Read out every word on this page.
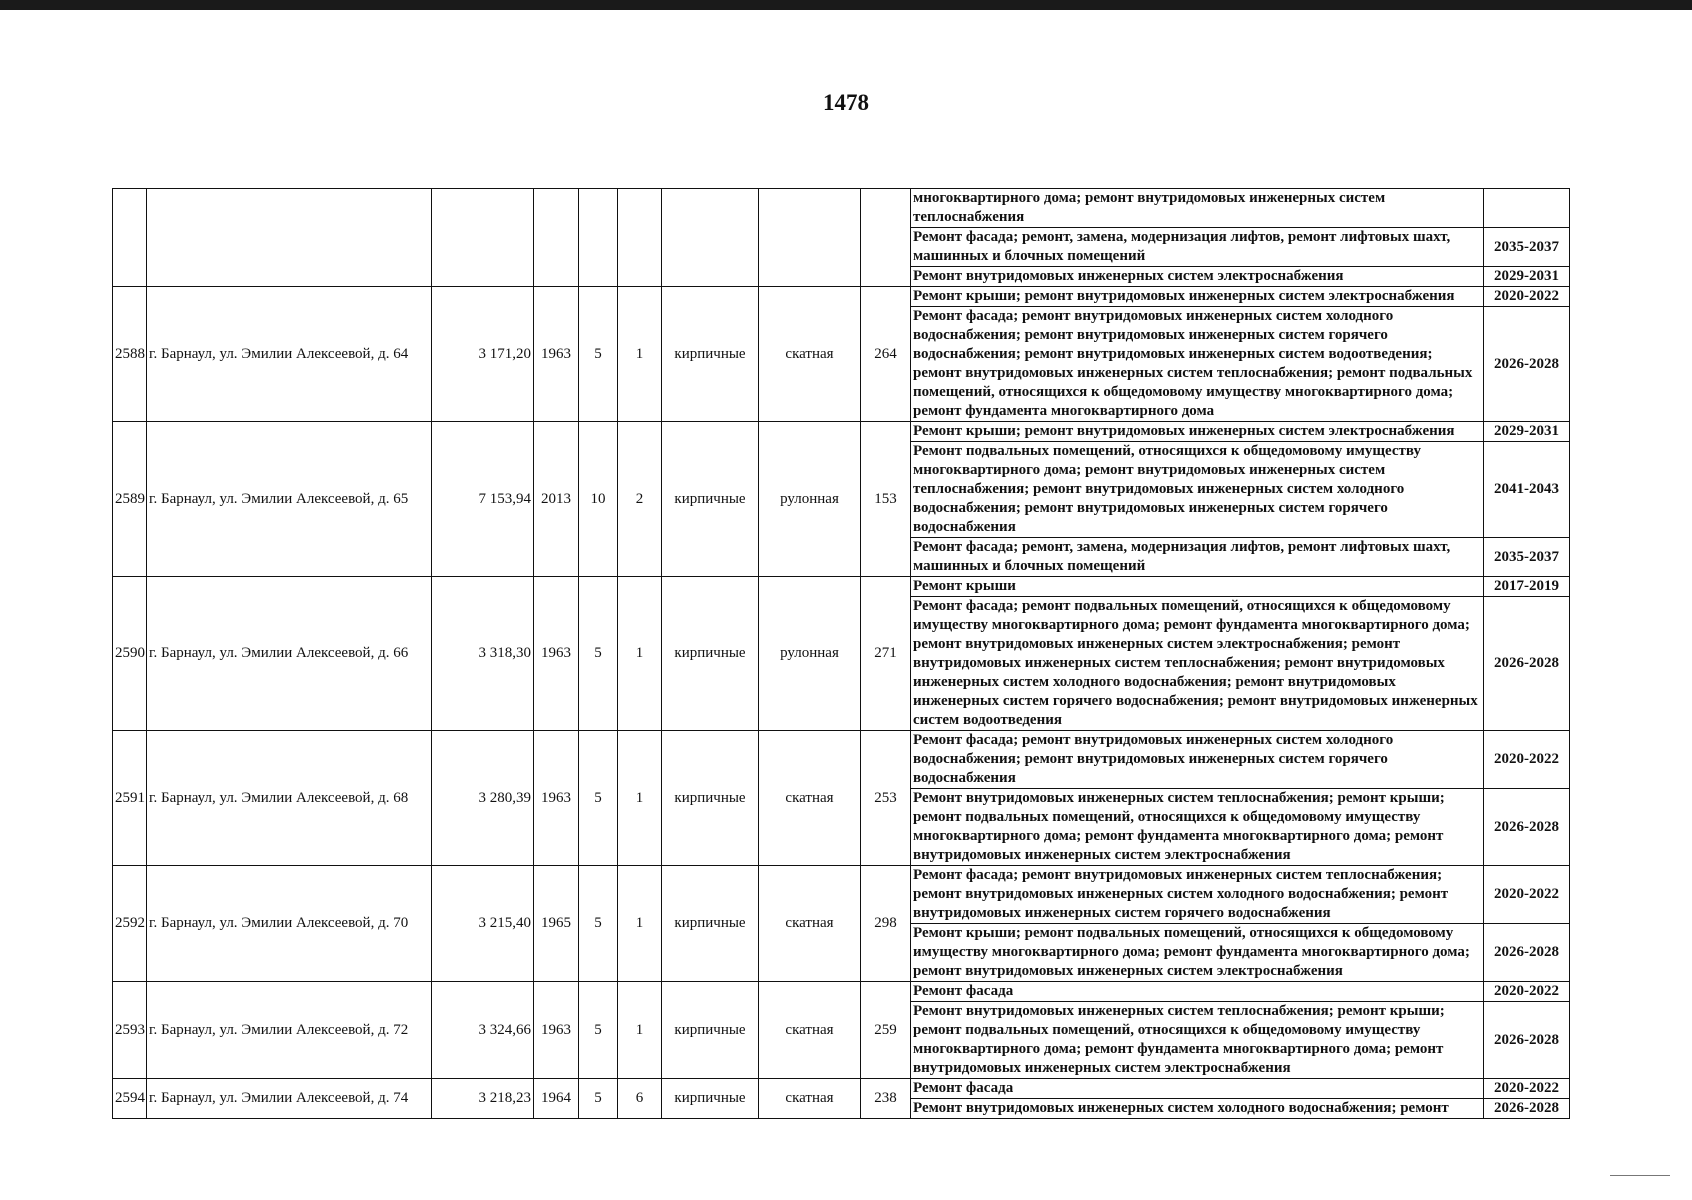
1478
									многоквартирного дома; ремонт внутридомовых инженерных систем теплоснабжения	
									Ремонт фасада; ремонт, замена, модернизация лифтов, ремонт лифтовых шахт, машинных и блочных помещений	2035-2037
									Ремонт внутридомовых инженерных систем электроснабжения	2029-2031
2588	г. Барнаул, ул. Эмилии Алексеевой, д. 64	3 171,20	1963	5	1	кирпичные	скатная	264	Ремонт крыши; ремонт внутридомовых инженерных систем электроснабжения	2020-2022
									Ремонт фасада; ремонт внутридомовых инженерных систем холодного водоснабжения; ремонт внутридомовых инженерных систем горячего водоснабжения; ремонт внутридомовых инженерных систем водоотведения; ремонт внутридомовых инженерных систем теплоснабжения; ремонт подвальных помещений, относящихся к общедомовому имуществу многоквартирного дома; ремонт фундамента многоквартирного дома	2026-2028
2589	г. Барнаул, ул. Эмилии Алексеевой, д. 65	7 153,94	2013	10	2	кирпичные	рулонная	153	Ремонт крыши; ремонт внутридомовых инженерных систем электроснабжения	2029-2031
									Ремонт подвальных помещений, относящихся к общедомовому имуществу многоквартирного дома; ремонт внутридомовых инженерных систем теплоснабжения; ремонт внутридомовых инженерных систем холодного водоснабжения; ремонт внутридомовых инженерных систем горячего водоснабжения	2041-2043
									Ремонт фасада; ремонт, замена, модернизация лифтов, ремонт лифтовых шахт, машинных и блочных помещений	2035-2037
2590	г. Барнаул, ул. Эмилии Алексеевой, д. 66	3 318,30	1963	5	1	кирпичные	рулонная	271	Ремонт крыши	2017-2019
									Ремонт фасада; ремонт подвальных помещений, относящихся к общедомовому имуществу многоквартирного дома; ремонт фундамента многоквартирного дома; ремонт внутридомовых инженерных систем электроснабжения; ремонт внутридомовых инженерных систем теплоснабжения; ремонт внутридомовых инженерных систем холодного водоснабжения; ремонт внутридомовых инженерных систем горячего водоснабжения; ремонт внутридомовых инженерных систем водоотведения	2026-2028
2591	г. Барнаул, ул. Эмилии Алексеевой, д. 68	3 280,39	1963	5	1	кирпичные	скатная	253	Ремонт фасада; ремонт внутридомовых инженерных систем холодного водоснабжения; ремонт внутридомовых инженерных систем горячего водоснабжения	2020-2022
									Ремонт внутридомовых инженерных систем теплоснабжения; ремонт крыши; ремонт подвальных помещений, относящихся к общедомовому имуществу многоквартирного дома; ремонт фундамента многоквартирного дома; ремонт внутридомовых инженерных систем электроснабжения	2026-2028
2592	г. Барнаул, ул. Эмилии Алексеевой, д. 70	3 215,40	1965	5	1	кирпичные	скатная	298	Ремонт фасада; ремонт внутридомовых инженерных систем теплоснабжения; ремонт внутридомовых инженерных систем холодного водоснабжения; ремонт внутридомовых инженерных систем горячего водоснабжения	2020-2022
									Ремонт крыши; ремонт подвальных помещений, относящихся к общедомовому имуществу многоквартирного дома; ремонт фундамента многоквартирного дома; ремонт внутридомовых инженерных систем электроснабжения	2026-2028
2593	г. Барнаул, ул. Эмилии Алексеевой, д. 72	3 324,66	1963	5	1	кирпичные	скатная	259	Ремонт фасада	2020-2022
									Ремонт внутридомовых инженерных систем теплоснабжения; ремонт крыши; ремонт подвальных помещений, относящихся к общедомовому имуществу многоквартирного дома; ремонт фундамента многоквартирного дома; ремонт внутридомовых инженерных систем электроснабжения	2026-2028
2594	г. Барнаул, ул. Эмилии Алексеевой, д. 74	3 218,23	1964	5	6	кирпичные	скатная	238	Ремонт фасада	2020-2022
									Ремонт внутридомовых инженерных систем холодного водоснабжения; ремонт	2026-2028
